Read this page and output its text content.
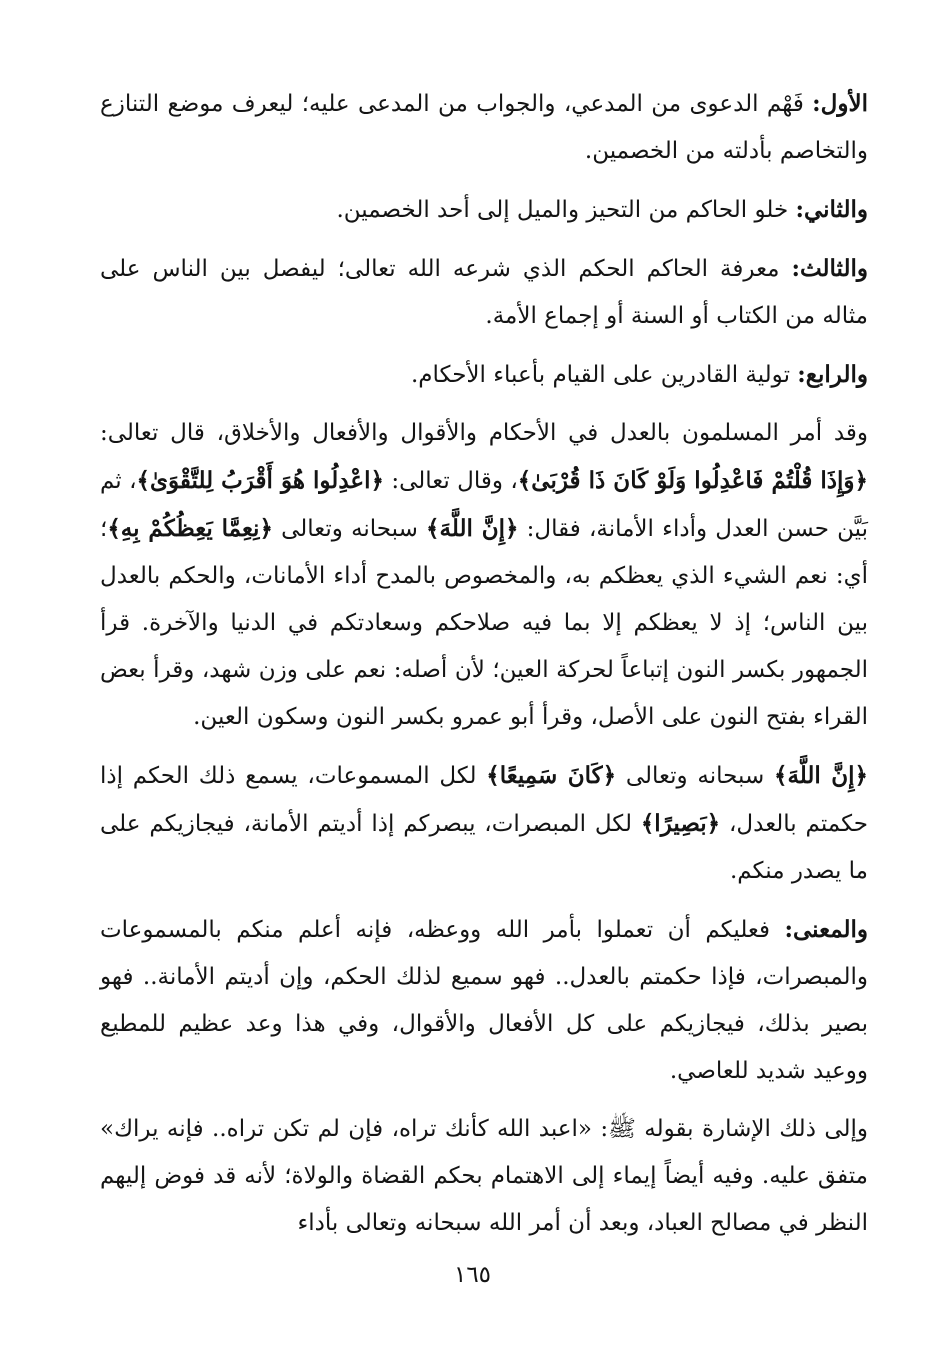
الأول: فَهْم الدعوى من المدعي، والجواب من المدعى عليه؛ ليعرف موضع التنازع والتخاصم بأدلته من الخصمين.

والثاني: خلو الحاكم من التحيز والميل إلى أحد الخصمين.

والثالث: معرفة الحاكم الحكم الذي شرعه الله تعالى؛ ليفصل بين الناس على مثاله من الكتاب أو السنة أو إجماع الأمة.

والرابع: تولية القادرين على القيام بأعباء الأحكام.

وقد أمر المسلمون بالعدل في الأحكام والأقوال والأفعال والأخلاق، قال تعالى: ﴿وَإِذَا قُلْتُمْ فَاعْدِلُوا وَلَوْ كَانَ ذَا قُرْبَىٰ﴾، وقال تعالى: ﴿اعْدِلُوا هُوَ أَقْرَبُ لِلتَّقْوَىٰ﴾، ثم بَيَّن حسن العدل وأداء الأمانة، فقال: ﴿إِنَّ اللَّهَ﴾ سبحانه وتعالى ﴿نِعِمَّا يَعِظُكُمْ بِهِ﴾؛ أي: نعم الشيء الذي يعظكم به، والمخصوص بالمدح أداء الأمانات، والحكم بالعدل بين الناس؛ إذ لا يعظكم إلا بما فيه صلاحكم وسعادتكم في الدنيا والآخرة. قرأ الجمهور بكسر النون إتباعاً لحركة العين؛ لأن أصله: نعم على وزن شهد، وقرأ بعض القراء بفتح النون على الأصل، وقرأ أبو عمرو بكسر النون وسكون العين.

﴿إِنَّ اللَّهَ﴾ سبحانه وتعالى ﴿كَانَ سَمِيعًا﴾ لكل المسموعات، يسمع ذلك الحكم إذا حكمتم بالعدل، ﴿بَصِيرًا﴾ لكل المبصرات، يبصركم إذا أديتم الأمانة، فيجازيكم على ما يصدر منكم.

والمعنى: فعليكم أن تعملوا بأمر الله ووعظه، فإنه أعلم منكم بالمسموعات والمبصرات، فإذا حكمتم بالعدل.. فهو سميع لذلك الحكم، وإن أديتم الأمانة.. فهو بصير بذلك، فيجازيكم على كل الأفعال والأقوال، وفي هذا وعد عظيم للمطيع ووعيد شديد للعاصي.

وإلى ذلك الإشارة بقوله ﷺ: «اعبد الله كأنك تراه، فإن لم تكن تراه.. فإنه يراك» متفق عليه. وفيه أيضاً إيماء إلى الاهتمام بحكم القضاة والولاة؛ لأنه قد فوض إليهم النظر في مصالح العباد، وبعد أن أمر الله سبحانه وتعالى بأداء

١٦٥
